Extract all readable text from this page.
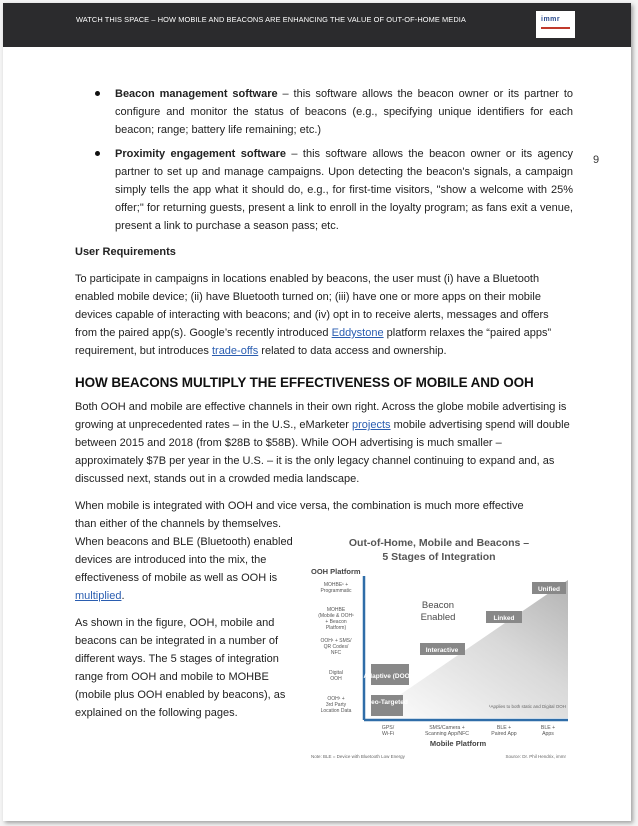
WATCH THIS SPACE – HOW MOBILE AND BEACONS ARE ENHANCING THE VALUE OF OUT-OF-HOME MEDIA	immr
9
Beacon management software – this software allows the beacon owner or its partner to configure and monitor the status of beacons (e.g., specifying unique identifiers for each beacon; range; battery life remaining; etc.)
Proximity engagement software – this software allows the beacon owner or its agency partner to set up and manage campaigns. Upon detecting the beacon's signals, a campaign simply tells the app what it should do, e.g., for first-time visitors, "show a welcome with 25% offer;" for returning guests, present a link to enroll in the loyalty program; as fans exit a venue, present a link to purchase a season pass; etc.

User Requirements

To participate in campaigns in locations enabled by beacons, the user must (i) have a Bluetooth enabled mobile device; (ii) have Bluetooth turned on; (iii) have one or more apps on their mobile devices capable of interacting with beacons; and (iv) opt in to receive alerts, messages and offers from the paired app(s). Google’s recently introduced Eddystone platform relaxes the “paired apps” requirement, but introduces trade-offs related to data access and ownership.

HOW BEACONS MULTIPLY THE EFFECTIVENESS OF MOBILE AND OOH

Both OOH and mobile are effective channels in their own right. Across the globe mobile advertising is growing at unprecedented rates – in the U.S., eMarketer projects mobile advertising spend will double between 2015 and 2018 (from $28B to $58B). While OOH advertising is much smaller – approximately $7B per year in the U.S. – it is the only legacy channel continuing to expand and, as discussed next, stands out in a crowded media landscape.

When mobile is integrated with OOH and vice versa, the combination is much more effective

than either of the channels by themselves. When beacons and BLE (Bluetooth) enabled devices are introduced into the mix, the effectiveness of mobile as well as OOH is multiplied.

As shown in the figure, OOH, mobile and beacons can be integrated in a number of different ways. The 5 stages of integration range from OOH and mobile to MOHBE (mobile plus OOH enabled by beacons), as explained on the following pages.

Out-of-Home, Mobile and Beacons –
5 Stages of Integration
OOH Platform
MOHBE¹ +
Programmatic
MOHBE
(Mobile & OOH¹
+ Beacon
Platform)
OOH¹ + SMS/
QR Codes/
NFC
Digital
OOH
OOH¹ +
3rd Party
Location Data
Beacon
Enabled
Geo-Targeted
Adaptive (DOOH)
Interactive
Linked
Unified
¹Applies to both static and Digital OOH
GPS/
Wi-Fi
SMS/Camera +
Scanning App/NFC
BLE +
Paired App
BLE +
Apps
Mobile Platform
Note: BLE = Device with Bluetooth Low Energy	Source: Dr. Phil Hendrix, immr
